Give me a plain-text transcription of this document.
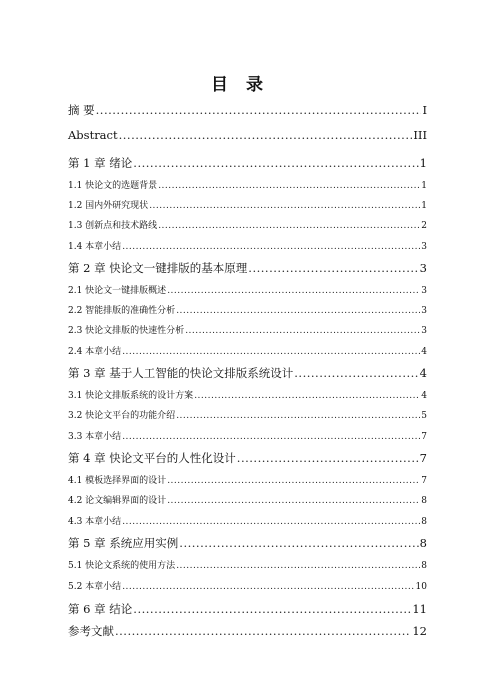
目 录
摘 要 .....	I
Abstract .....	III
第 1 章 绪论 .....	1
1.1 快论文的选题背景 .....	1
1.2 国内外研究现状 .....	1
1.3 创新点和技术路线 .....	2
1.4 本章小结 .....	3
第 2 章 快论文一键排版的基本原理 .....	3
2.1 快论文一键排版概述 .....	3
2.2 智能排版的准确性分析 .....	3
2.3 快论文排版的快速性分析 .....	3
2.4 本章小结 .....	4
第 3 章 基于人工智能的快论文排版系统设计 .....	4
3.1 快论文排版系统的设计方案 .....	4
3.2 快论文平台的功能介绍 .....	5
3.3 本章小结 .....	7
第 4 章 快论文平台的人性化设计 .....	7
4.1 模板选择界面的设计 .....	7
4.2 论文编辑界面的设计 .....	8
4.3 本章小结 .....	8
第 5 章 系统应用实例 .....	8
5.1 快论文系统的使用方法 .....	8
5.2 本章小结 .....	10
第 6 章 结论 .....	11
参考文献 .....	12
